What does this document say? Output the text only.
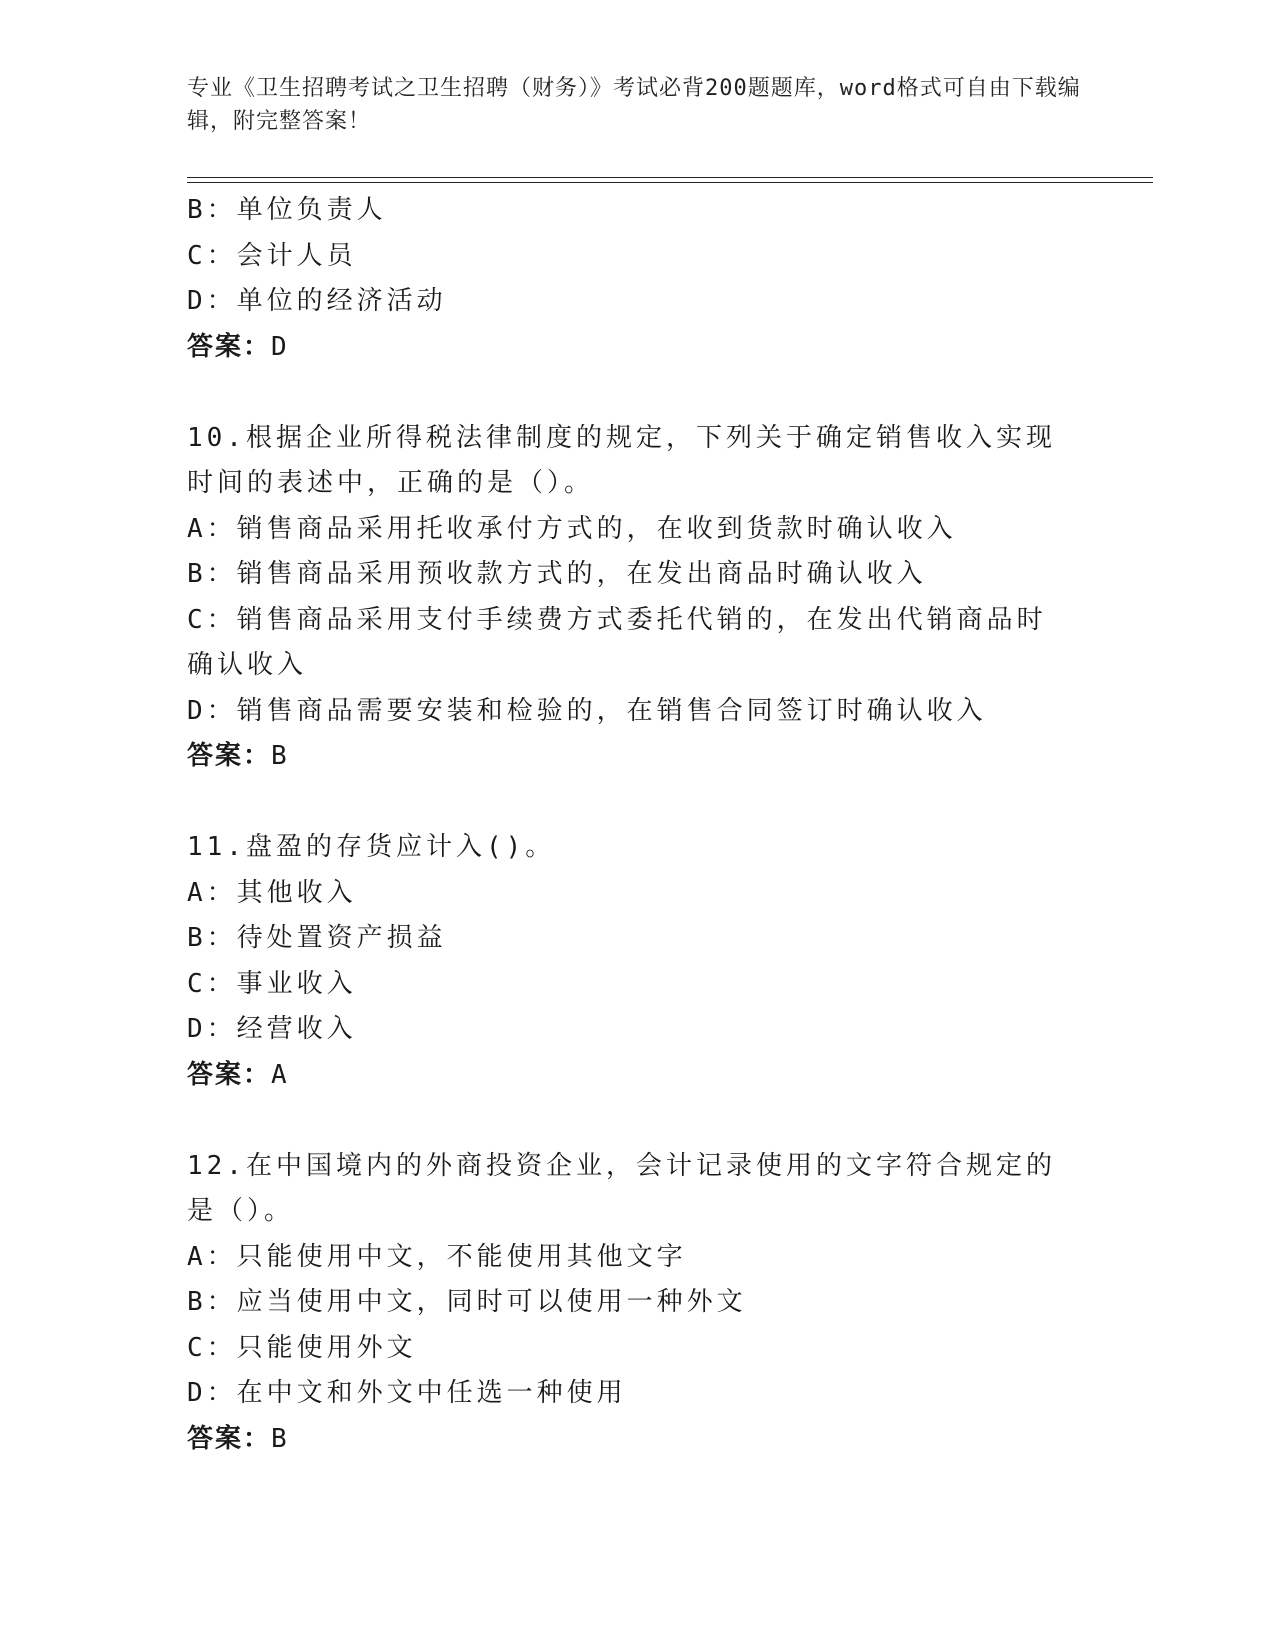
专业《卫生招聘考试之卫生招聘（财务）》考试必背200题题库，word格式可自由下载编辑，附完整答案！
B：单位负责人
C：会计人员
D：单位的经济活动
答案：D
10.根据企业所得税法律制度的规定，下列关于确定销售收入实现时间的表述中，正确的是（）。
A：销售商品采用托收承付方式的，在收到货款时确认收入
B：销售商品采用预收款方式的，在发出商品时确认收入
C：销售商品采用支付手续费方式委托代销的，在发出代销商品时确认收入
D：销售商品需要安装和检验的，在销售合同签订时确认收入
答案：B
11.盘盈的存货应计入()。
A：其他收入
B：待处置资产损益
C：事业收入
D：经营收入
答案：A
12.在中国境内的外商投资企业，会计记录使用的文字符合规定的是（）。
A：只能使用中文，不能使用其他文字
B：应当使用中文，同时可以使用一种外文
C：只能使用外文
D：在中文和外文中任选一种使用
答案：B
